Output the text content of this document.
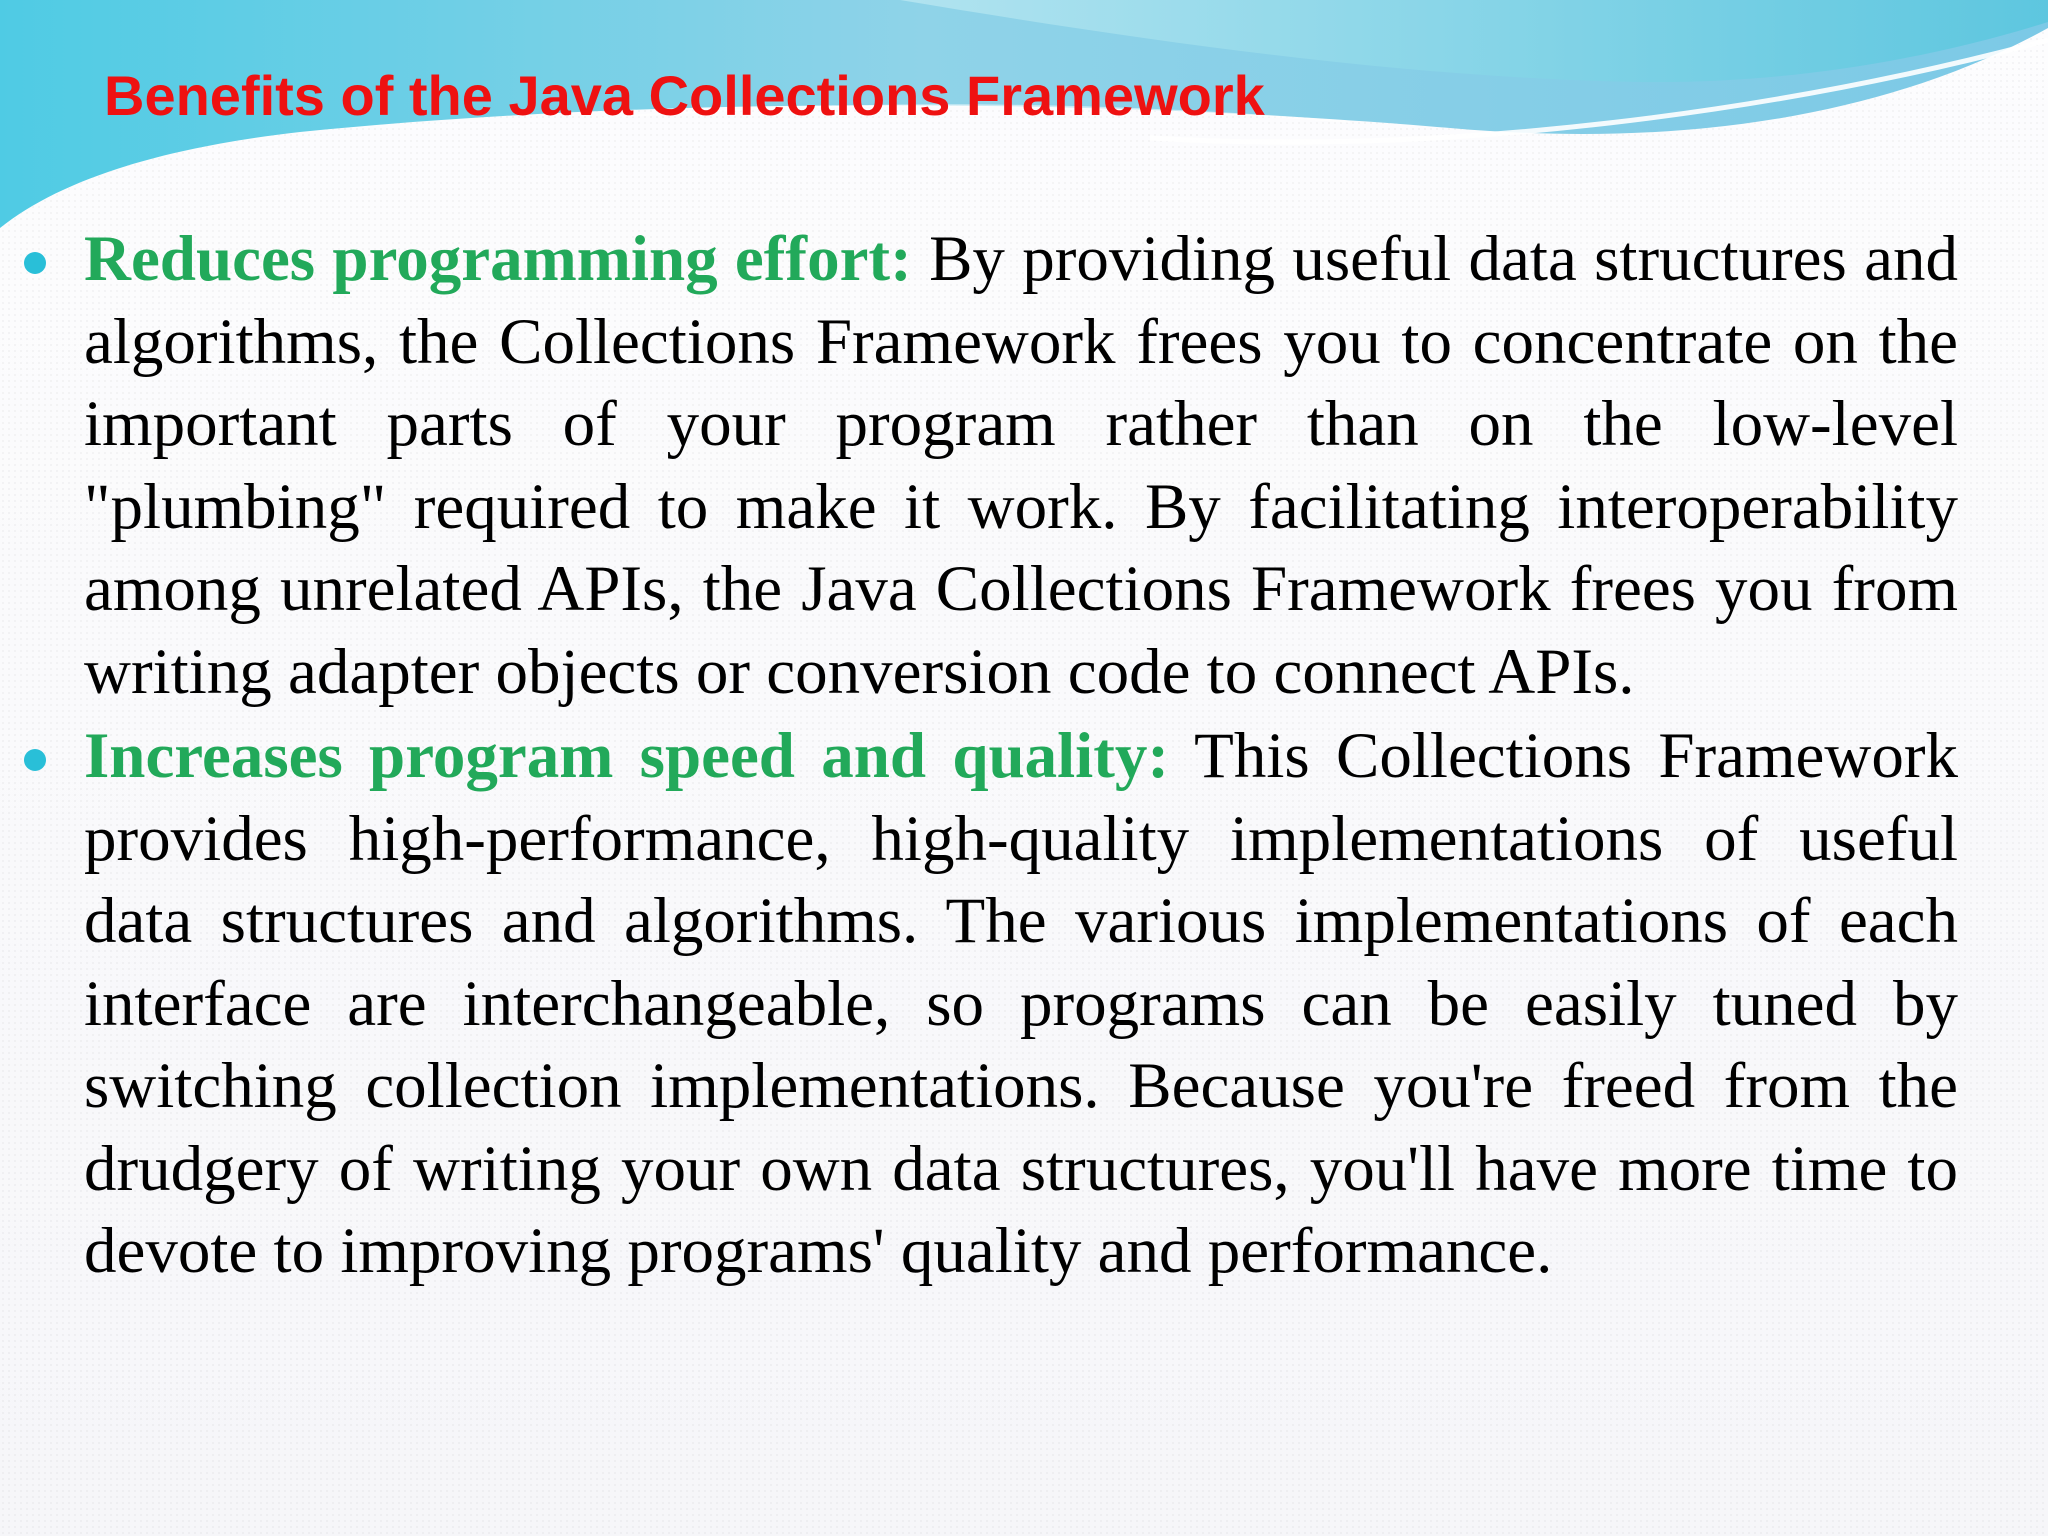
Benefits of the Java Collections Framework

Reduces programming effort: By providing useful data structures and algorithms, the Collections Framework frees you to concentrate on the important parts of your program rather than on the low-level "plumbing" required to make it work. By facilitating interoperability among unrelated APIs, the Java Collections Framework frees you from writing adapter objects or conversion code to connect APIs.

Increases program speed and quality: This Collections Framework provides high-performance, high-quality implementations of useful data structures and algorithms. The various implementations of each interface are interchangeable, so programs can be easily tuned by switching collection implementations. Because you're freed from the drudgery of writing your own data structures, you'll have more time to devote to improving programs' quality and performance.
